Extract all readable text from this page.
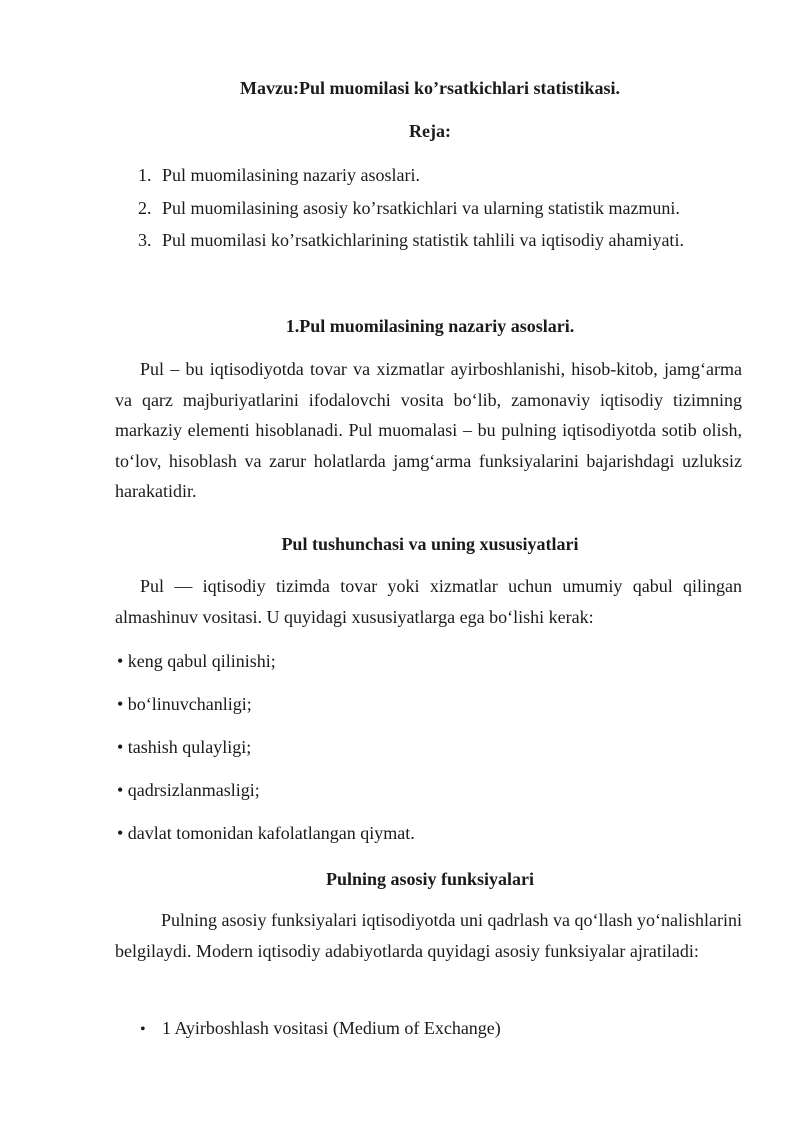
Mavzu:Pul muomilasi ko’rsatkichlari statistikasi.
Reja:
1. Pul muomilasining nazariy asoslari.
2. Pul muomilasining asosiy ko’rsatkichlari va ularning statistik mazmuni.
3. Pul muomilasi ko’rsatkichlarining statistik tahlili va iqtisodiy ahamiyati.
1.Pul muomilasining nazariy asoslari.
Pul – bu iqtisodiyotda tovar va xizmatlar ayirboshlanishi, hisob-kitob, jamg‘arma va qarz majburiyatlarini ifodalovchi vosita bo‘lib, zamonaviy iqtisodiy tizimning markaziy elementi hisoblanadi. Pul muomalasi – bu pulning iqtisodiyotda sotib olish, to‘lov, hisoblash va zarur holatlarda jamg‘arma funksiyalarini bajarishdagi uzluksiz harakatidir.
Pul tushunchasi va uning xususiyatlari
Pul — iqtisodiy tizimda tovar yoki xizmatlar uchun umumiy qabul qilingan almashinuv vositasi. U quyidagi xususiyatlarga ega bo‘lishi kerak:
• keng qabul qilinishi;
• bo‘linuvchanligi;
• tashish qulayligi;
• qadrsizlanmasligi;
• davlat tomonidan kafolatlangan qiymat.
Pulning asosiy funksiyalari
Pulning asosiy funksiyalari iqtisodiyotda uni qadrlash va qo‘llash yo‘nalishlarini belgilaydi. Modern iqtisodiy adabiyotlarda quyidagi asosiy funksiyalar ajratiladi:
• 1 Ayirboshlash vositasi (Medium of Exchange)
